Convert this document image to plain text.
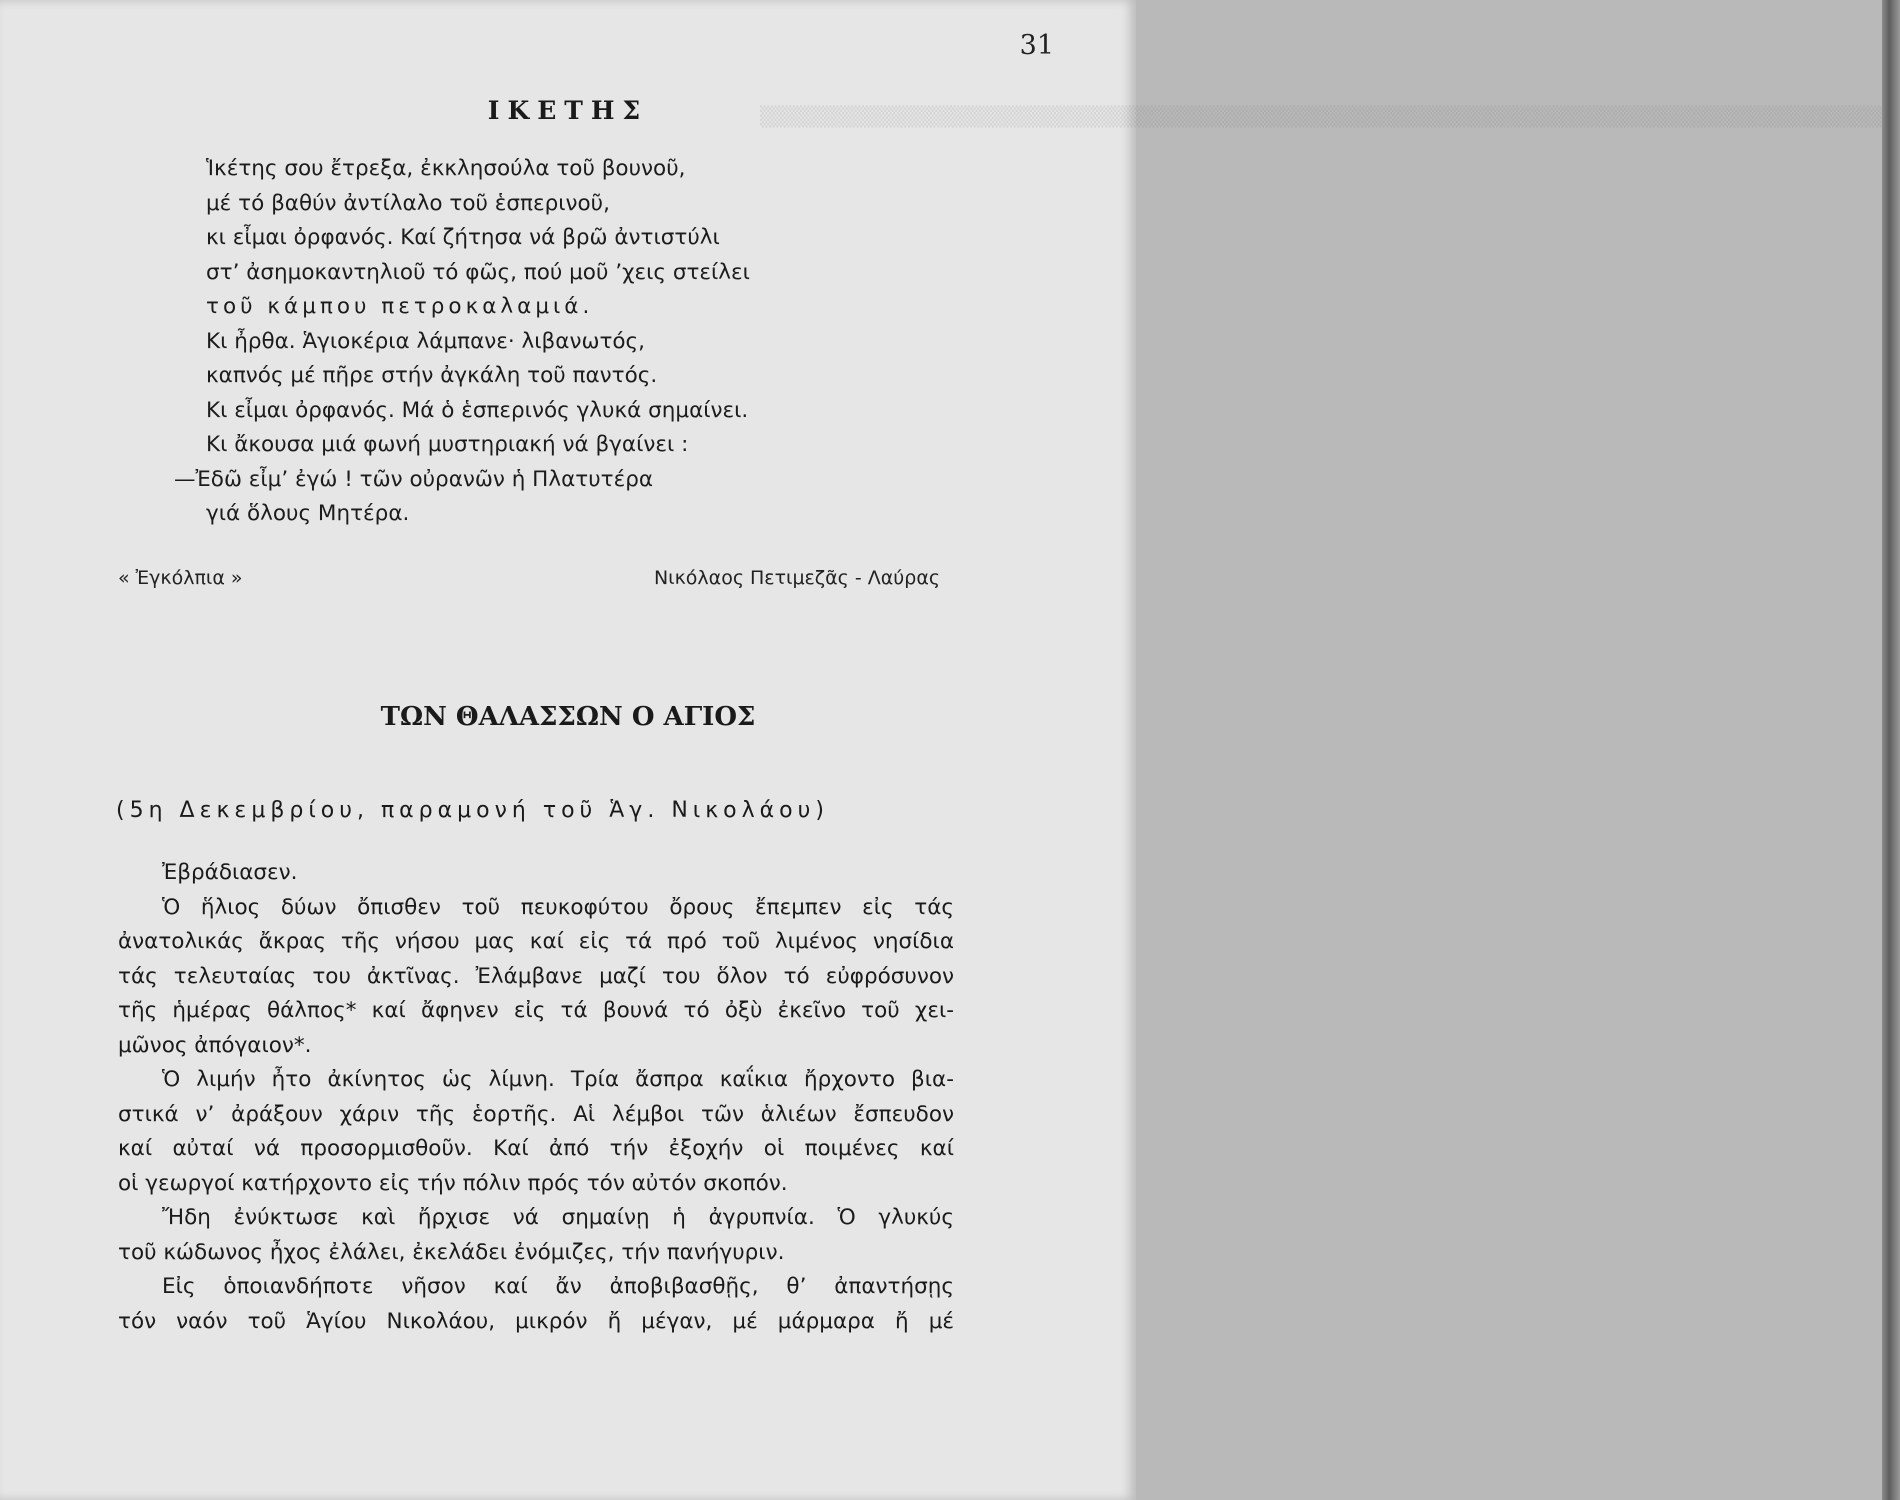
▒▒▒▒▒▒▒▒▒▒▒▒▒▒▒▒▒▒▒▒▒▒▒▒▒▒▒▒▒▒▒▒▒▒▒▒▒▒▒▒▒▒▒▒▒▒▒▒▒▒▒▒▒▒▒▒▒▒▒▒▒▒▒▒▒▒▒▒▒▒▒▒▒▒▒▒▒▒
31
ΙΚΕΤΗΣ
Ἱκέτης σου ἔτρεξα, ἐκκλησούλα τοῦ βουνοῦ,
μέ τό βαθύν ἀντίλαλο τοῦ ἑσπερινοῦ,
κι εἶμαι ὀρφανός. Καί ζήτησα νά βρῶ ἀντιστύλι
στ’ ἀσημοκαντηλιοῦ τό φῶς, πού μοῦ ’χεις στείλει
τοῦ κάμπου πετροκαλαμιά.
Κι ἦρθα. Ἁγιοκέρια λάμπανε· λιβανωτός,
καπνός μέ πῆρε στήν ἀγκάλη τοῦ παντός.
Κι εἶμαι ὀρφανός. Μά ὁ ἑσπερινός γλυκά σημαίνει.
Κι ἄκουσα μιά φωνή μυστηριακή νά βγαίνει :
—Ἐδῶ εἶμ’ ἐγώ ! τῶν οὐρανῶν ἡ Πλατυτέρα
γιά ὅλους Μητέρα.
« Ἐγκόλπια »	Νικόλαος Πετιμεζᾶς - Λαύρας
ΤΩΝ ΘΑΛΑΣΣΩΝ Ο ΑΓΙΟΣ
(5η Δεκεμβρίου, παραμονή τοῦ Ἁγ. Νικολάου)
Ἐβράδιασεν.
Ὁ ἥλιος δύων ὄπισθεν τοῦ πευκοφύτου ὄρους ἔπεμπεν εἰς τάς
ἀνατολικάς ἄκρας τῆς νήσου μας καί εἰς τά πρό τοῦ λιμένος νησίδια
τάς τελευταίας του ἀκτῖνας. Ἐλάμβανε μαζί του ὅλον τό εὐφρόσυνον
τῆς ἡμέρας θάλπος* καί ἄφηνεν εἰς τά βουνά τό ὀξὺ ἐκεῖνο τοῦ χει-
μῶνος ἀπόγαιον*.
Ὁ λιμήν ἦτο ἀκίνητος ὡς λίμνη. Τρία ἄσπρα καΐκια ἤρχοντο βια-
στικά ν’ ἀράξουν χάριν τῆς ἑορτῆς. Αἱ λέμβοι τῶν ἁλιέων ἔσπευδον
καί αὐταί νά προσορμισθοῦν. Καί ἀπό τήν ἐξοχήν οἱ ποιμένες καί
οἱ γεωργοί κατήρχοντο εἰς τήν πόλιν πρός τόν αὐτόν σκοπόν.
Ἤδη ἐνύκτωσε καὶ ἤρχισε νά σημαίνῃ ἡ ἀγρυπνία. Ὁ γλυκύς
τοῦ κώδωνος ἦχος ἐλάλει, ἐκελάδει ἐνόμιζες, τήν πανήγυριν.
Εἰς ὁποιανδήποτε νῆσον καί ἄν ἀποβιβασθῇς, θ’ ἀπαντήσῃς
τόν ναόν τοῦ Ἁγίου Νικολάου, μικρόν ἤ μέγαν, μέ μάρμαρα ἤ μέ
